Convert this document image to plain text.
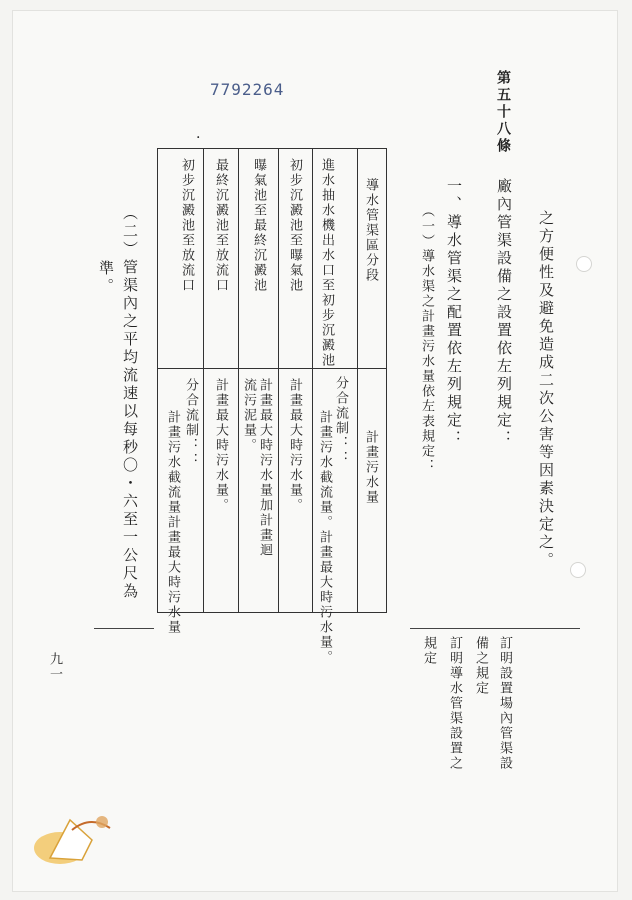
7792264
.
之方便性及避免造成二次公害等因素決定之。
第五十八條
廠內管渠設備之設置依左列規定：
一、導水管渠之配置依左列規定：
（一）導水渠之計畫污水量依左表規定：
導水管渠區分段
計畫污水量
進水抽水機出水口至初步沉澱池
分合流制：：
計畫污水截流量。計畫最大時污水量。
初步沉澱池至曝氣池
計畫最大時污水量。
曝氣池至最終沉澱池
計畫最大時污水量加計畫迴
流污泥量。
最終沉澱池至放流口
計畫最大時污水量。
初步沉澱池至放流口
分合流制：：
計畫污水截流量計畫最大時污水量
（二）管渠內之平均流速以每秒〇・六至一公尺為
準。
訂明設置場內管渠設
備之規定
訂明導水管渠設置之
規定
九一
